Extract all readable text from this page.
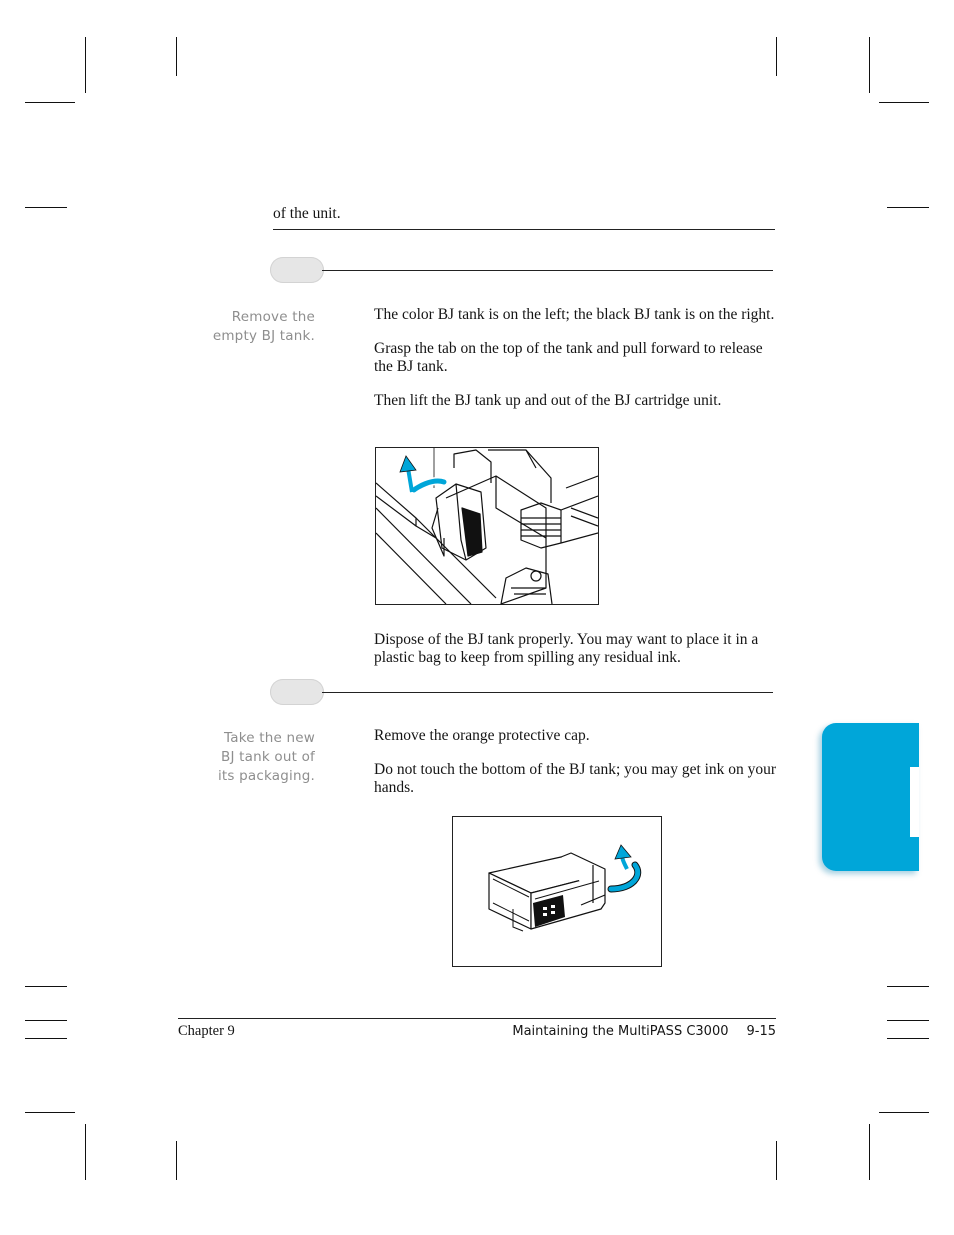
of the unit.
Remove the
empty BJ tank.

The color BJ tank is on the left; the black BJ tank is on the right.

Grasp the tab on the top of the tank and pull forward to release the BJ tank.

Then lift the BJ tank up and out of the BJ cartridge unit.

Dispose of the BJ tank properly. You may want to place it in a plastic bag to keep from spilling any residual ink.
Take the new
BJ tank out of
its packaging.

Remove the orange protective cap.

Do not touch the bottom of the BJ tank; you may get ink on your hands.

Chapter 9	Maintaining the MultiPASS C3000 9-15
